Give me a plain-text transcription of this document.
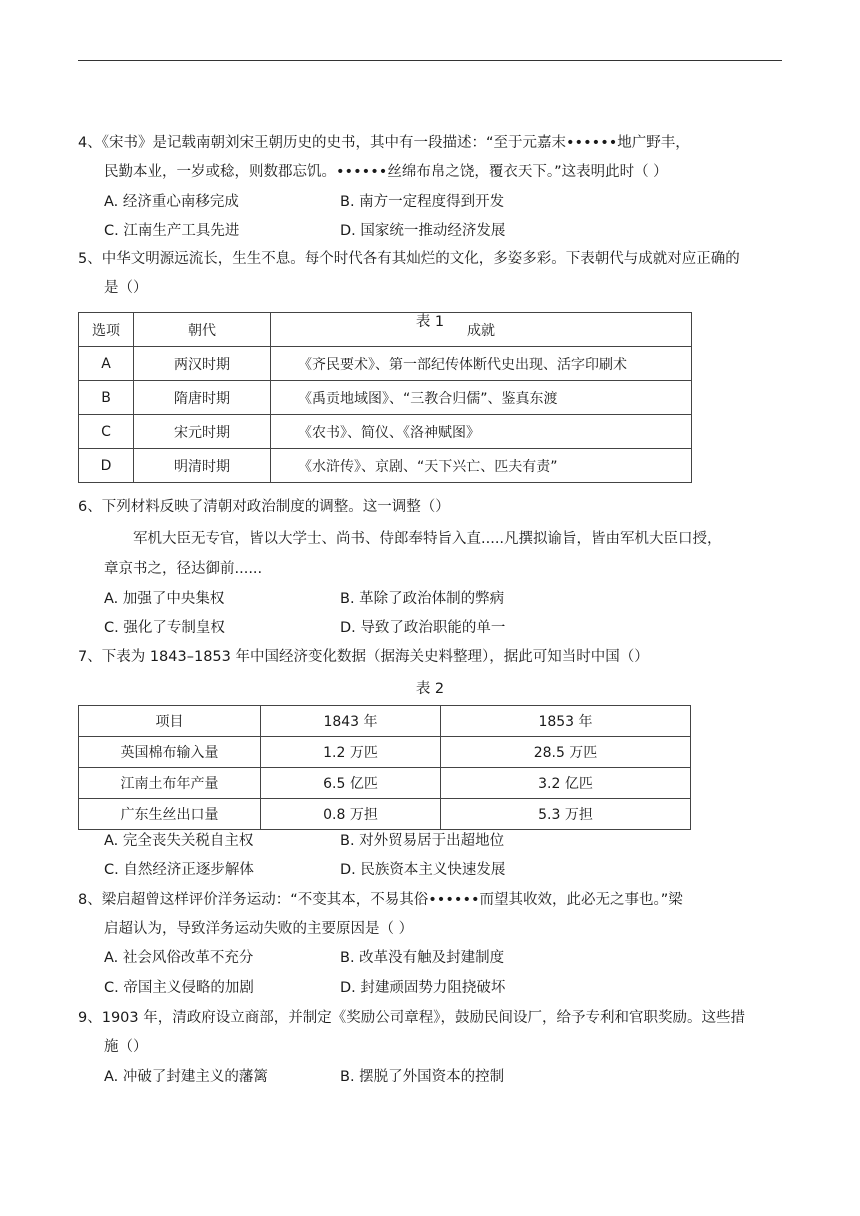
4、《宋书》是记载南朝刘宋王朝历史的史书，其中有一段描述：“至于元嘉末••••••地广野丰，
民勤本业，一岁或稔，则数郡忘饥。••••••丝绵布帛之饶，覆衣天下。”这表明此时（ ）
A. 经济重心南移完成	B. 南方一定程度得到开发
C. 江南生产工具先进	D. 国家统一推动经济发展
5、中华文明源远流长，生生不息。每个时代各有其灿烂的文化，多姿多彩。下表朝代与成就对应正确的
是（）
表 1
选项	朝代	成就
A	两汉时期	《齐民要术》、第一部纪传体断代史出现、活字印刷术
B	隋唐时期	《禹贡地域图》、“三教合归儒”、鉴真东渡
C	宋元时期	《农书》、简仪、《洛神赋图》
D	明清时期	《水浒传》、京剧、“天下兴亡、匹夫有责”
6、下列材料反映了清朝对政治制度的调整。这一调整（）
军机大臣无专官，皆以大学士、尚书、侍郎奉特旨入直.....凡撰拟谕旨，皆由军机大臣口授，
章京书之，径达御前......
A. 加强了中央集权	B. 革除了政治体制的弊病
C. 强化了专制皇权	D. 导致了政治职能的单一
7、下表为 1843–1853 年中国经济变化数据（据海关史料整理），据此可知当时中国（）
表 2
项目	1843 年	1853 年
英国棉布输入量	1.2 万匹	28.5 万匹
江南土布年产量	6.5 亿匹	3.2 亿匹
广东生丝出口量	0.8 万担	5.3 万担
A. 完全丧失关税自主权	B. 对外贸易居于出超地位
C. 自然经济正逐步解体	D. 民族资本主义快速发展
8、梁启超曾这样评价洋务运动：“不变其本，不易其俗••••••而望其收效，此必无之事也。”梁
启超认为，导致洋务运动失败的主要原因是（ ）
A. 社会风俗改革不充分	B. 改革没有触及封建制度
C. 帝国主义侵略的加剧	D. 封建顽固势力阻挠破坏
9、1903 年，清政府设立商部，并制定《奖励公司章程》，鼓励民间设厂，给予专利和官职奖励。这些措
施（）
A. 冲破了封建主义的藩篱	B. 摆脱了外国资本的控制
